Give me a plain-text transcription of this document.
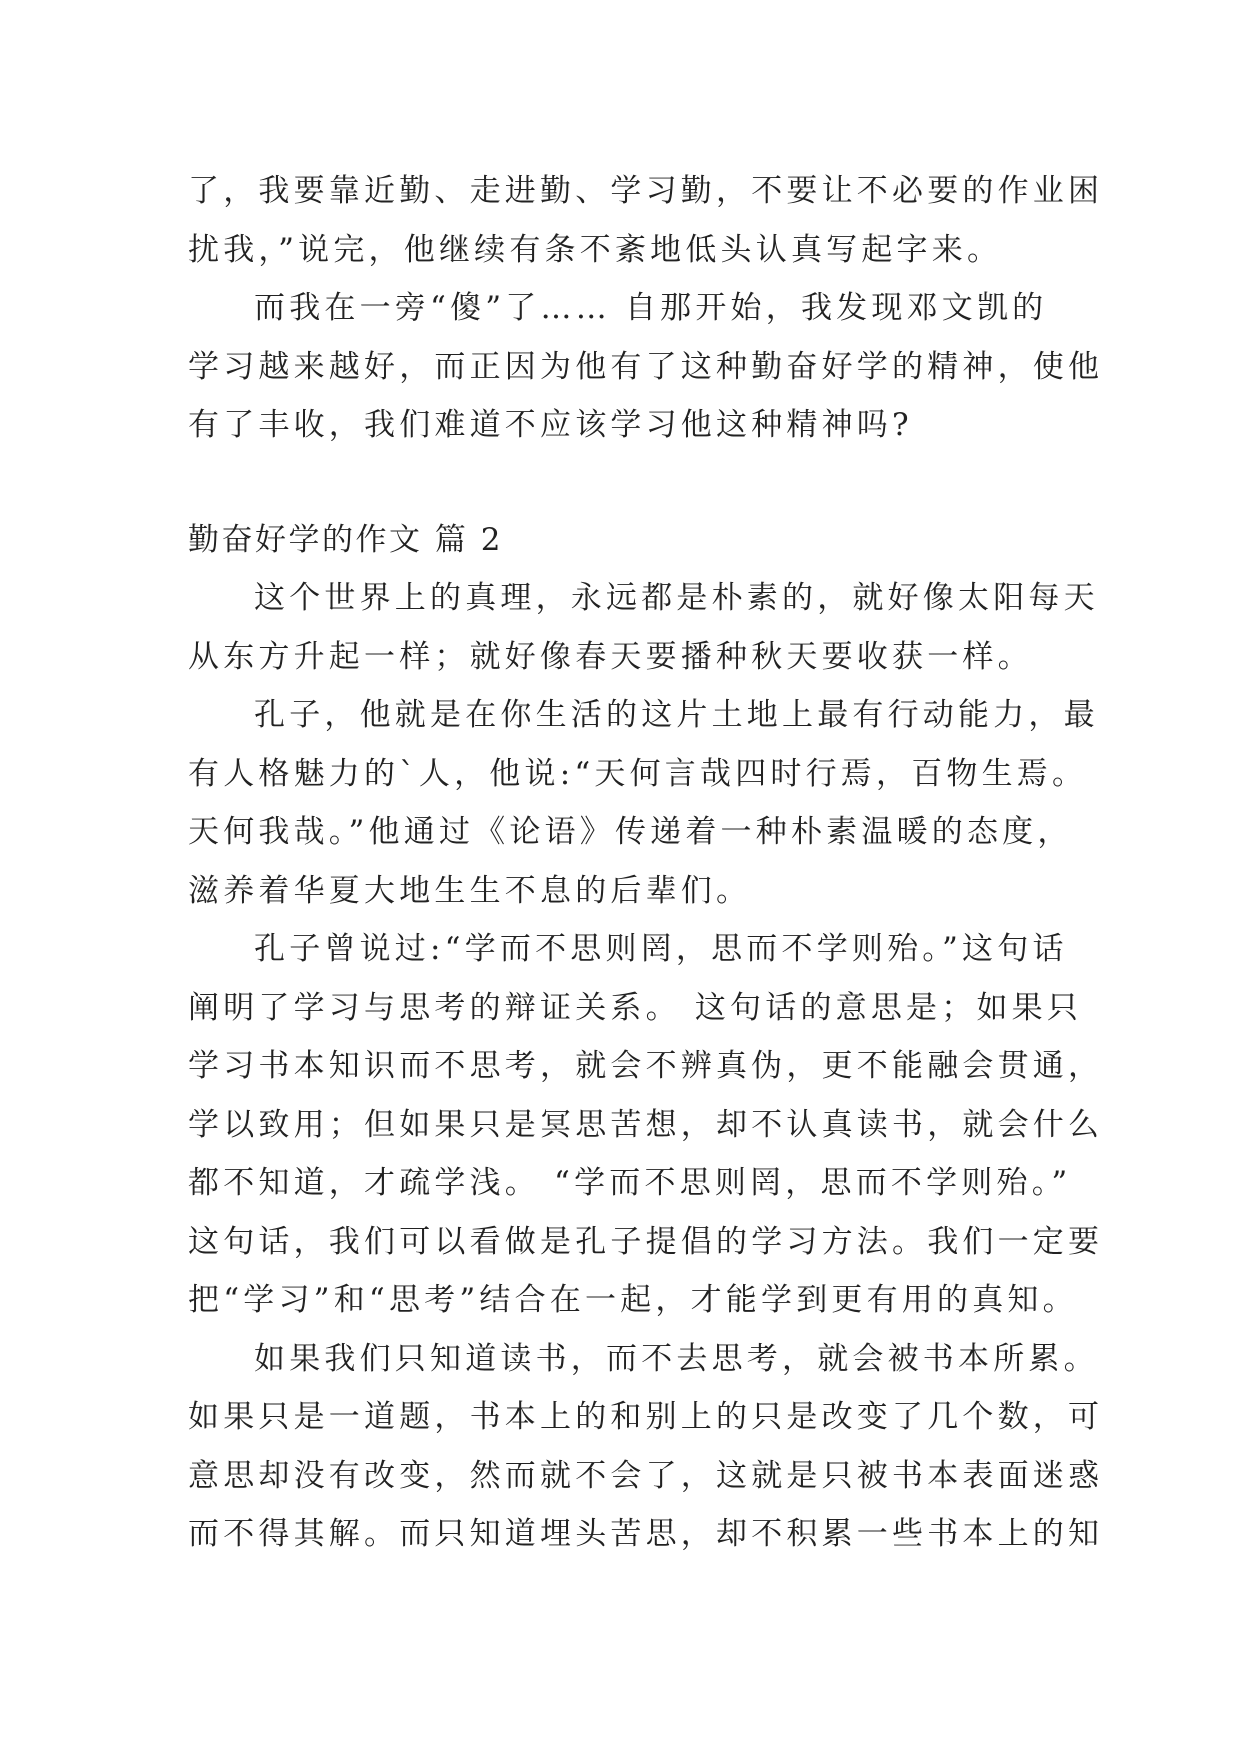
了，我要靠近勤、走进勤、学习勤，不要让不必要的作业困
扰我，”说完，他继续有条不紊地低头认真写起字来。
而我在一旁“傻”了…… 自那开始，我发现邓文凯的
学习越来越好，而正因为他有了这种勤奋好学的精神，使他
有了丰收，我们难道不应该学习他这种精神吗?
勤奋好学的作文 篇 2
这个世界上的真理，永远都是朴素的，就好像太阳每天
从东方升起一样；就好像春天要播种秋天要收获一样。
孔子，他就是在你生活的这片土地上最有行动能力，最
有人格魅力的`人，他说:“天何言哉四时行焉，百物生焉。
天何我哉。”他通过《论语》传递着一种朴素温暖的态度，
滋养着华夏大地生生不息的后辈们。
孔子曾说过:“学而不思则罔，思而不学则殆。”这句话
阐明了学习与思考的辩证关系。 这句话的意思是；如果只
学习书本知识而不思考，就会不辨真伪，更不能融会贯通，
学以致用；但如果只是冥思苦想，却不认真读书，就会什么
都不知道，才疏学浅。 “学而不思则罔，思而不学则殆。”
这句话，我们可以看做是孔子提倡的学习方法。我们一定要
把“学习”和“思考”结合在一起，才能学到更有用的真知。
如果我们只知道读书，而不去思考，就会被书本所累。
如果只是一道题，书本上的和别上的只是改变了几个数，可
意思却没有改变，然而就不会了，这就是只被书本表面迷惑
而不得其解。而只知道埋头苦思，却不积累一些书本上的知
